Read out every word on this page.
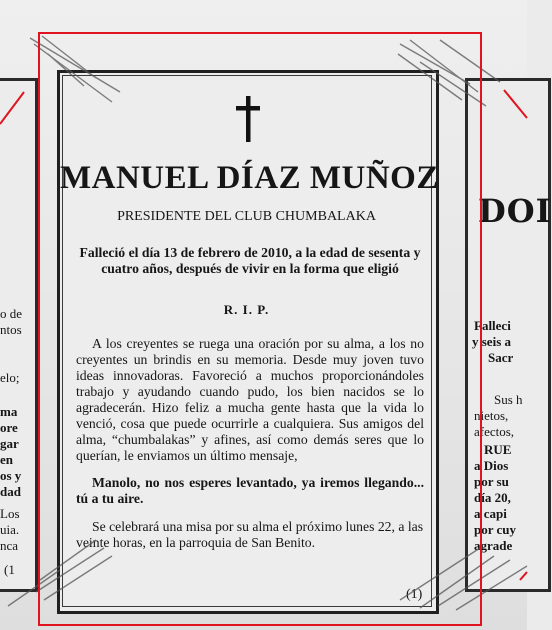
o de
ntos
elo;
ma
ore
gar
en
os y
dad
Los
uia.
nca
(1
DOI
Falleci
y seis a
Sacr
Sus h
nietos,
afectos,
RUE
a Dios
por su
día 20,
a capi
por cuy
agrade
MANUEL DÍAZ MUÑOZ
PRESIDENTE DEL CLUB CHUMBALAKA
Falleció el día 13 de febrero de 2010, a la edad de sesenta y cuatro años, después de vivir en la forma que eligió
R. I. P.
A los creyentes se ruega una oración por su alma, a los no creyentes un brindis en su memoria. Desde muy joven tuvo ideas innovadoras. Favoreció a muchos proporcionándoles trabajo y ayudando cuando pudo, los bien nacidos se lo agradecerán. Hizo feliz a mucha gente hasta que la vida lo venció, cosa que puede ocurrirle a cualquiera. Sus amigos del alma, “chumbalakas” y afines, así como demás seres que lo querían, le enviamos un último mensaje,
Manolo, no nos esperes levantado, ya iremos llegando... tú a tu aire.
Se celebrará una misa por su alma el próximo lunes 22, a las veinte horas, en la parroquia de San Benito.
(1)
